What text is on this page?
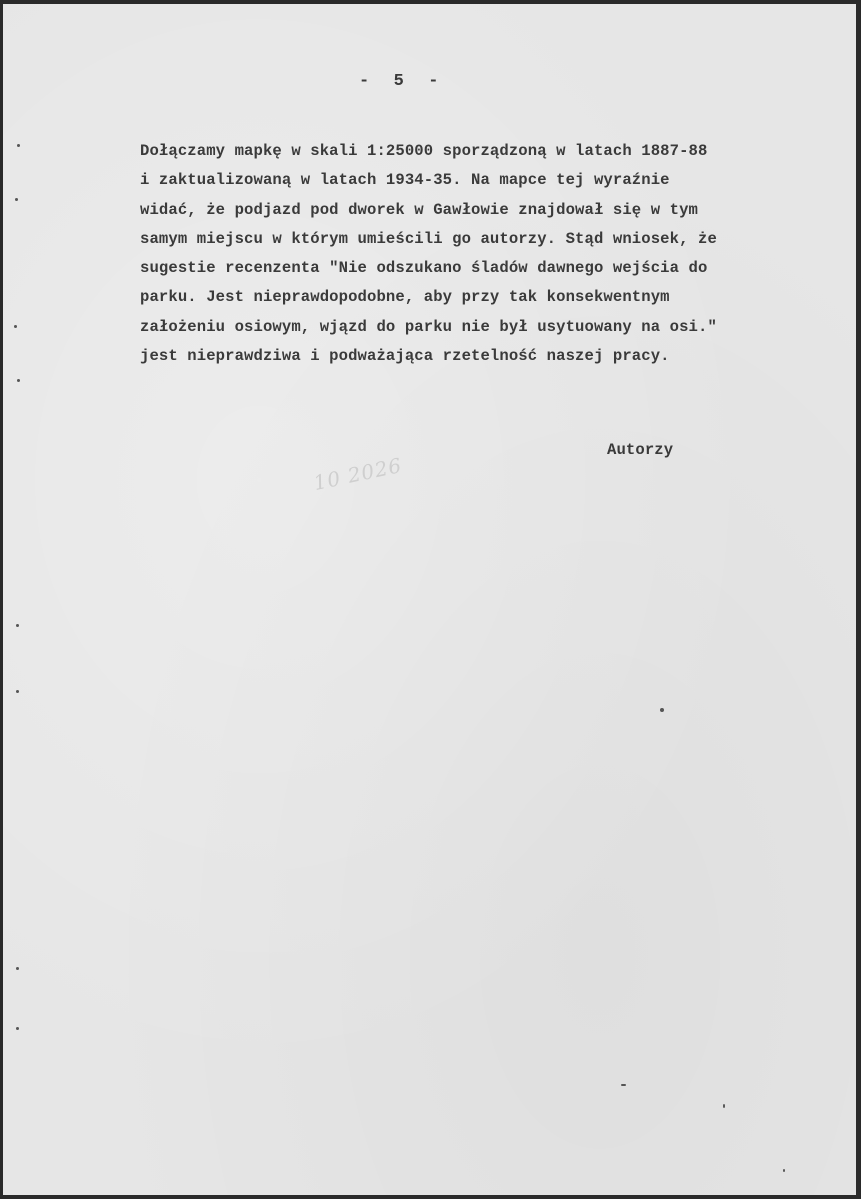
- 5 -
Dołączamy mapkę w skali 1:25000 sporządzoną w latach 1887-88
i zaktualizowaną w latach 1934-35. Na mapce tej wyraźnie
widać, że podjazd pod dworek w Gawłowie znajdował się w tym
samym miejscu w którym umieścili go autorzy. Stąd wniosek, że
sugestie recenzenta "Nie odszukano śladów dawnego wejścia do
parku. Jest nieprawdopodobne, aby przy tak konsekwentnym
założeniu osiowym, wjązd do parku nie był usytuowany na osi."
jest nieprawdziwa i podważająca rzetelność naszej pracy.
Autorzy
10 2026
